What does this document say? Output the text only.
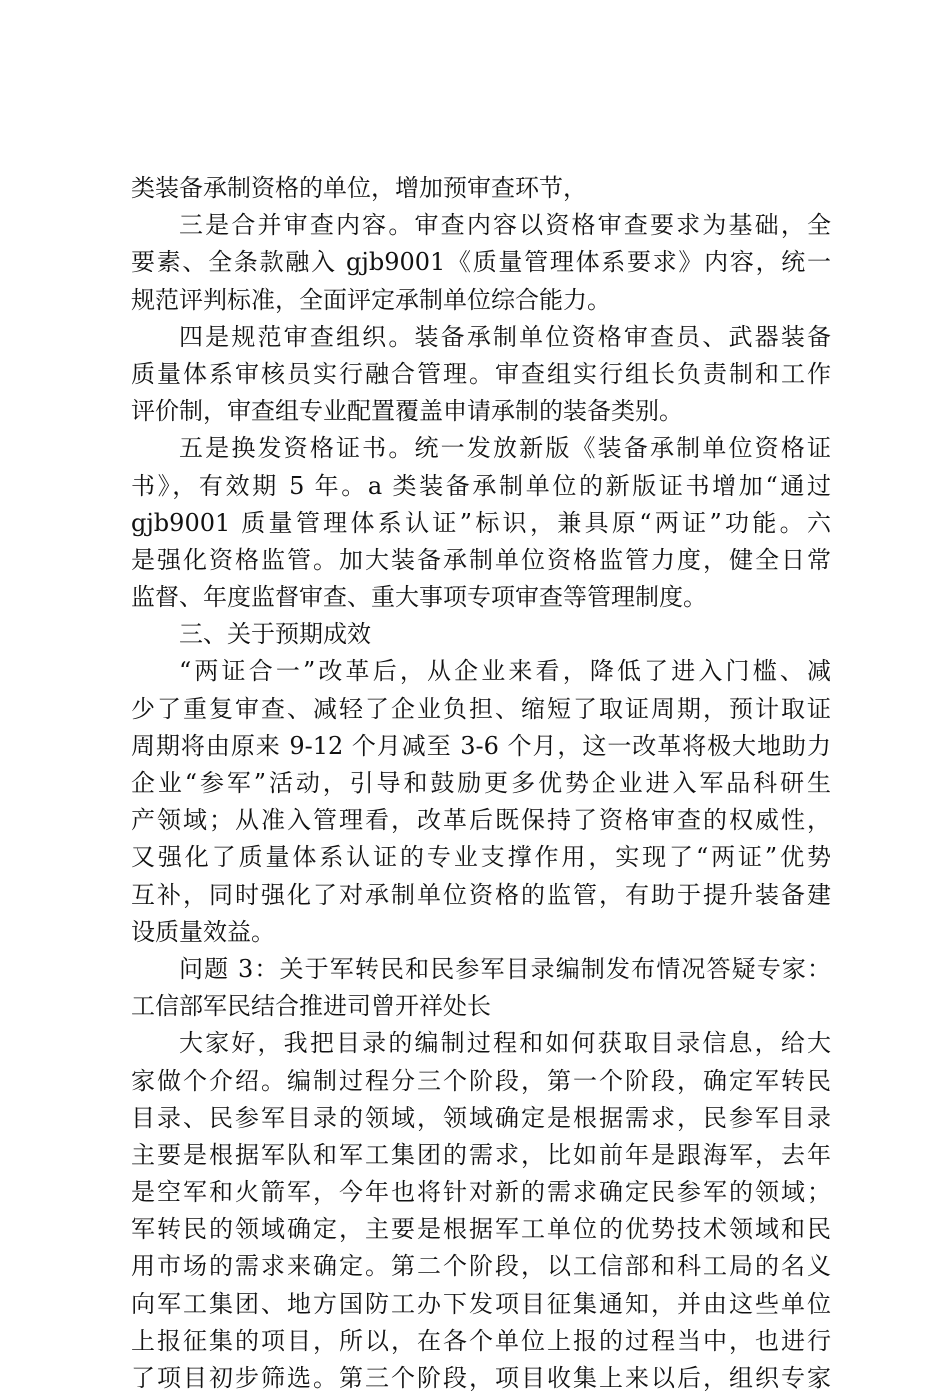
类装备承制资格的单位，增加预审查环节，
三是合并审查内容。审查内容以资格审查要求为基础，全
要素、全条款融入 gjb9001《质量管理体系要求》内容，统一
规范评判标准，全面评定承制单位综合能力。
四是规范审查组织。装备承制单位资格审查员、武器装备
质量体系审核员实行融合管理。审查组实行组长负责制和工作
评价制，审查组专业配置覆盖申请承制的装备类别。
五是换发资格证书。统一发放新版《装备承制单位资格证
书》，有效期 5 年。a 类装备承制单位的新版证书增加“通过
gjb9001 质量管理体系认证”标识，兼具原“两证”功能。六
是强化资格监管。加大装备承制单位资格监管力度，健全日常
监督、年度监督审查、重大事项专项审查等管理制度。
三、关于预期成效
“两证合一”改革后，从企业来看，降低了进入门槛、减
少了重复审查、减轻了企业负担、缩短了取证周期，预计取证
周期将由原来 9-12 个月减至 3-6 个月，这一改革将极大地助力
企业“参军”活动，引导和鼓励更多优势企业进入军品科研生
产领域；从准入管理看，改革后既保持了资格审查的权威性，
又强化了质量体系认证的专业支撑作用，实现了“两证”优势
互补，同时强化了对承制单位资格的监管，有助于提升装备建
设质量效益。
问题 3：关于军转民和民参军目录编制发布情况答疑专家：
工信部军民结合推进司曾开祥处长
大家好，我把目录的编制过程和如何获取目录信息，给大
家做个介绍。编制过程分三个阶段，第一个阶段，确定军转民
目录、民参军目录的领域，领域确定是根据需求，民参军目录
主要是根据军队和军工集团的需求，比如前年是跟海军，去年
是空军和火箭军，今年也将针对新的需求确定民参军的领域；
军转民的领域确定，主要是根据军工单位的优势技术领域和民
用市场的需求来确定。第二个阶段，以工信部和科工局的名义
向军工集团、地方国防工办下发项目征集通知，并由这些单位
上报征集的项目，所以，在各个单位上报的过程当中，也进行
了项目初步筛选。第三个阶段，项目收集上来以后，组织专家
